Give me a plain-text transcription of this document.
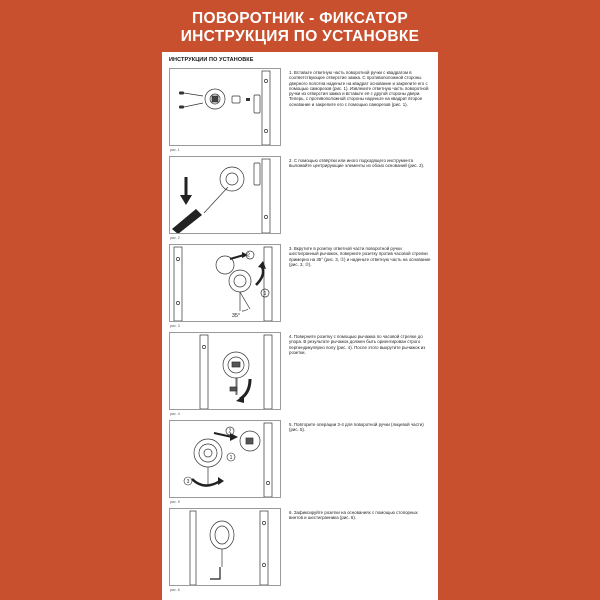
ПОВОРОТНИК - ФИКСАТОР
ИНСТРУКЦИЯ ПО УСТАНОВКЕ
ИНСТРУКЦИИ ПО УСТАНОВКЕ
рис. 1
1. Вставьте ответную часть поворотной ручки с квадратом в соответствующее отверстие замка. С противоположной стороны дверного полотна наденьте на квадрат основание и закрепите его с помощью саморезов (рис. 1). Извлеките ответную часть поворотной ручки из отверстия замка и вставьте её с другой стороны двери. Теперь, с противоположной стороны наденьте на квадрат второе основание и закрепите его с помощью саморезов (рис. 1).
рис. 2
2. С помощью отвёртки или иного подходящего инструмента выломайте центрирующие элементы из обоих оснований (рис. 2).
2
1
35°
рис. 3
3. Вкрутите в розетку ответной части поворотной ручки шестигранный рычажок, поверните розетку против часовой стрелки примерно на 35° (рис. 3, ①) и наденьте ответную часть на основание (рис. 3, ②).
рис. 4
4. Поверните розетку с помощью рычажка по часовой стрелке до упора. В результате рычажок должен быть ориентирован строго перпендикулярно полу (рис. 4). После этого выкрутите рычажок из розетки.
2
1
3
рис. 5
5. Повторите операции 3-4 для поворотной ручки (лицевой части) (рис. 5).
рис. 6
6. Зафиксируйте розетки на основаниях с помощью стопорных винтов и шестигранника (рис. 6).
